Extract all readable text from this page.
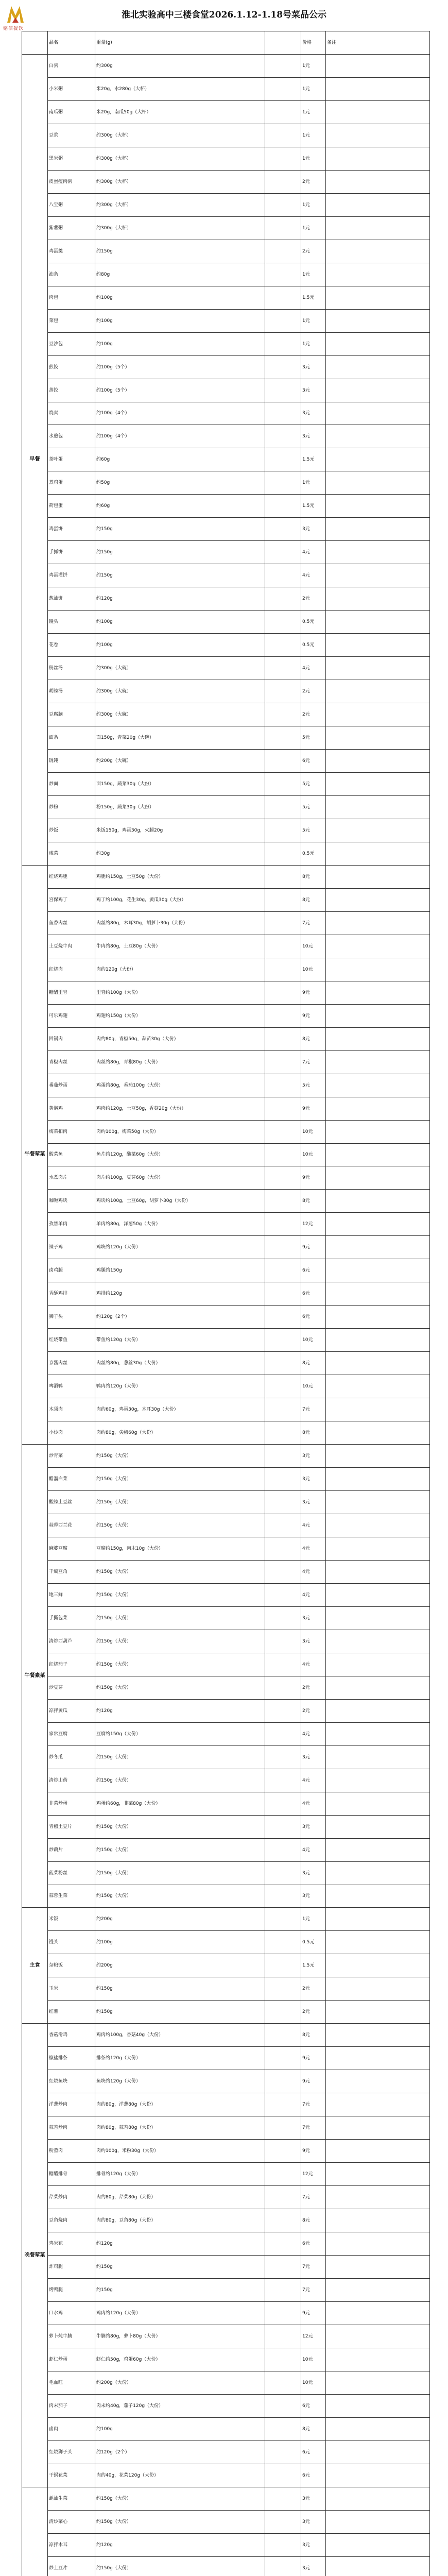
铭信餐饮
淮北实验高中三楼食堂2026.1.12-1.18号菜品公示
	品名	重量(g)		价格	备注
早餐	白粥	约300g		1元	
	小米粥	米20g，水280g（大杯）		1元	
	南瓜粥	米20g，南瓜50g（大杯）		1元	
	豆浆	约300g（大杯）		1元	
	黑米粥	约300g（大杯）		1元	
	皮蛋瘦肉粥	约300g（大杯）		2元	
	八宝粥	约300g（大杯）		1元	
	紫薯粥	约300g（大杯）		1元	
	鸡蛋羹	约150g		2元	
	油条	约80g		1元	
	肉包	约100g		1.5元	
	菜包	约100g		1元	
	豆沙包	约100g		1元	
	煎饺	约100g（5个）		3元	
	蒸饺	约100g（5个）		3元	
	烧卖	约100g（4个）		3元	
	水煎包	约100g（4个）		3元	
	茶叶蛋	约60g		1.5元	
	煮鸡蛋	约50g		1元	
	荷包蛋	约60g		1.5元	
	鸡蛋饼	约150g		3元	
	手抓饼	约150g		4元	
	鸡蛋灌饼	约150g		4元	
	葱油饼	约120g		2元	
	馒头	约100g		0.5元	
	花卷	约100g		0.5元	
	粉丝汤	约300g（大碗）		4元	
	胡辣汤	约300g（大碗）		2元	
	豆腐脑	约300g（大碗）		2元	
	面条	面150g，青菜20g（大碗）		5元	
	馄饨	约200g（大碗）		6元	
	炒面	面150g，蔬菜30g（大份）		5元	
	炒粉	粉150g，蔬菜30g（大份）		5元	
	炒饭	米饭150g，鸡蛋30g，火腿20g		5元	
	咸菜	约30g		0.5元	
午餐荤菜	红烧鸡腿	鸡腿约150g，土豆50g（大份）		8元	
	宫保鸡丁	鸡丁约100g，花生30g，黄瓜30g（大份）		8元	
	鱼香肉丝	肉丝约80g，木耳30g，胡萝卜30g（大份）		7元	
	土豆烧牛肉	牛肉约80g，土豆80g（大份）		10元	
	红烧肉	肉约120g（大份）		10元	
	糖醋里脊	里脊约100g（大份）		9元	
	可乐鸡翅	鸡翅约150g（大份）		9元	
	回锅肉	肉约80g，青椒50g，蒜苗30g（大份）		8元	
	青椒肉丝	肉丝约80g，青椒80g（大份）		7元	
	番茄炒蛋	鸡蛋约80g，番茄100g（大份）		5元	
	黄焖鸡	鸡肉约120g，土豆50g，香菇20g（大份）		9元	
	梅菜扣肉	肉约100g，梅菜50g（大份）		10元	
	酸菜鱼	鱼片约120g，酸菜60g（大份）		10元	
	水煮肉片	肉片约100g，豆芽60g（大份）		9元	
	咖喱鸡块	鸡块约100g，土豆60g，胡萝卜30g（大份）		8元	
	孜然羊肉	羊肉约80g，洋葱50g（大份）		12元	
	辣子鸡	鸡块约120g（大份）		9元	
	卤鸡腿	鸡腿约150g		6元	
	香酥鸡排	鸡排约120g		6元	
	狮子头	约120g（2个）		6元	
	红烧带鱼	带鱼约120g（大份）		10元	
	京酱肉丝	肉丝约80g，葱丝30g（大份）		8元	
	啤酒鸭	鸭肉约120g（大份）		10元	
	木须肉	肉约60g，鸡蛋30g，木耳30g（大份）		7元	
	小炒肉	肉约80g，尖椒60g（大份）		8元	
午餐素菜	炒青菜	约150g（大份）		3元	
	醋溜白菜	约150g（大份）		3元	
	酸辣土豆丝	约150g（大份）		3元	
	蒜蓉西兰花	约150g（大份）		4元	
	麻婆豆腐	豆腐约150g，肉末10g（大份）		4元	
	干煸豆角	约150g（大份）		4元	
	地三鲜	约150g（大份）		4元	
	手撕包菜	约150g（大份）		3元	
	清炒西葫芦	约150g（大份）		3元	
	红烧茄子	约150g（大份）		4元	
	炒豆芽	约150g（大份）		2元	
	凉拌黄瓜	约120g		2元	
	家常豆腐	豆腐约150g（大份）		4元	
	炒冬瓜	约150g（大份）		3元	
	清炒山药	约150g（大份）		4元	
	韭菜炒蛋	鸡蛋约60g，韭菜80g（大份）		4元	
	青椒土豆片	约150g（大份）		3元	
	炒藕片	约150g（大份）		4元	
	菠菜粉丝	约150g（大份）		3元	
	蒜蓉生菜	约150g（大份）		3元	
主食	米饭	约200g		1元	
	馒头	约100g		0.5元	
	杂粮饭	约200g		1.5元	
	玉米	约150g		2元	
	红薯	约150g		2元	
晚餐荤菜	香菇滑鸡	鸡肉约100g，香菇40g（大份）		8元	
	椒盐排条	排条约120g（大份）		9元	
	红烧鱼块	鱼块约120g（大份）		9元	
	洋葱炒肉	肉约80g，洋葱80g（大份）		7元	
	蒜苔炒肉	肉约80g，蒜苔80g（大份）		7元	
	粉蒸肉	肉约100g，米粉30g（大份）		9元	
	糖醋排骨	排骨约120g（大份）		12元	
	芹菜炒肉	肉约80g，芹菜80g（大份）		7元	
	豆角烧肉	肉约80g，豆角80g（大份）		8元	
	鸡米花	约120g		6元	
	炸鸡腿	约150g		7元	
	烤鸭腿	约150g		7元	
	口水鸡	鸡肉约120g（大份）		9元	
	萝卜炖牛腩	牛腩约80g，萝卜80g（大份）		12元	
	虾仁炒蛋	虾仁约50g，鸡蛋60g（大份）		10元	
	毛血旺	约200g（大份）		10元	
	肉末茄子	肉末约40g，茄子120g（大份）		6元	
	卤肉	约100g		8元	
	红烧狮子头	约120g（2个）		6元	
	干锅花菜	肉约40g，花菜120g（大份）		6元	
	蚝油生菜	约150g（大份）		3元	
	清炒菜心	约150g（大份）		3元	
	凉拌木耳	约120g		3元	
	炒土豆片	约150g（大份）		3元	
